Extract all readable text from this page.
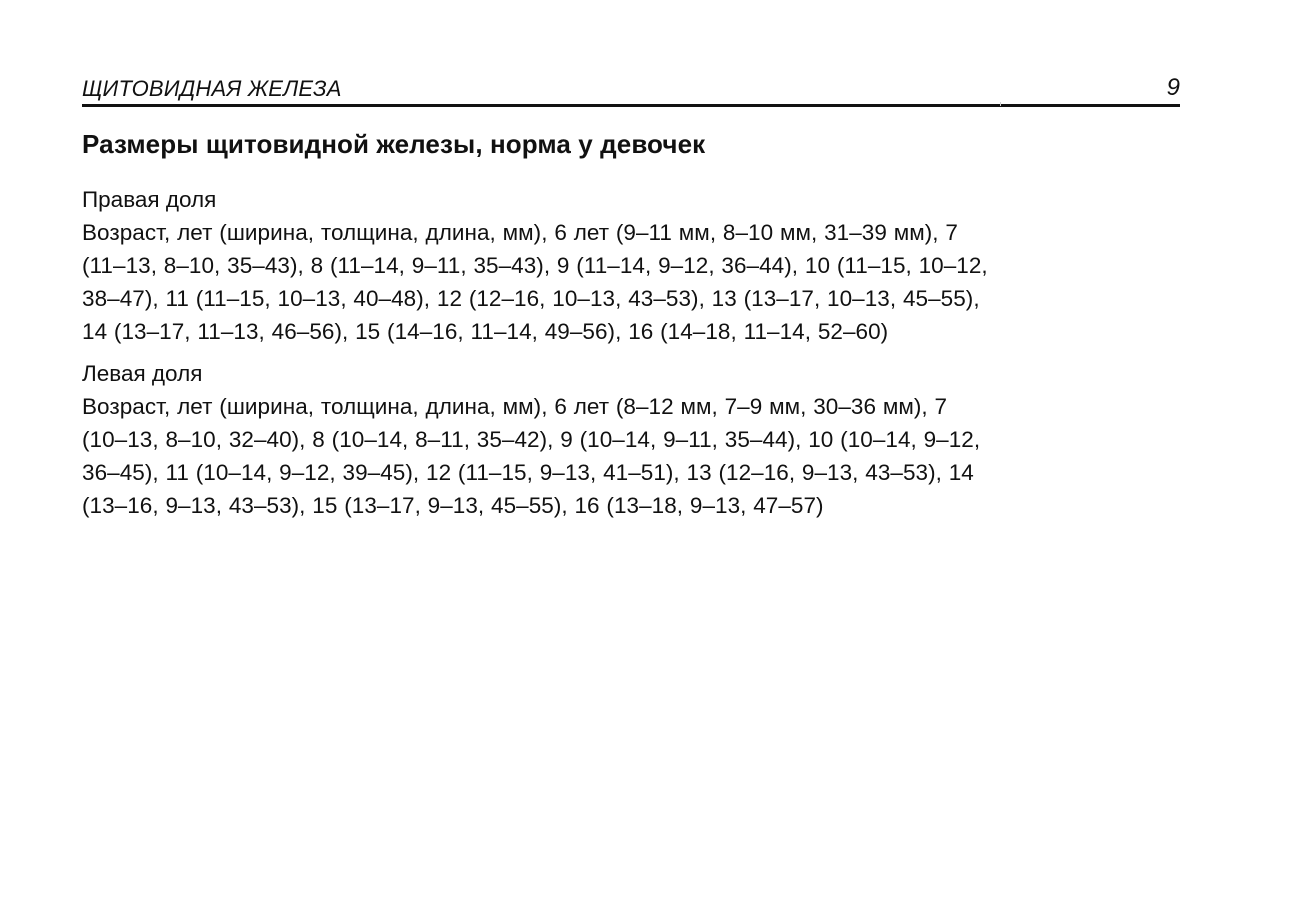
ЩИТОВИДНАЯ ЖЕЛЕЗА	9
Размеры щитовидной железы, норма у девочек
Правая доля

Возраст, лет (ширина, толщина, длина, мм), 6 лет (9–11 мм, 8–10 мм, 31–39 мм), 7
(11–13, 8–10, 35–43), 8 (11–14, 9–11, 35–43), 9 (11–14, 9–12, 36–44), 10 (11–15, 10–12,
38–47), 11 (11–15, 10–13, 40–48), 12 (12–16, 10–13, 43–53), 13 (13–17, 10–13, 45–55),
14 (13–17, 11–13, 46–56), 15 (14–16, 11–14, 49–56), 16 (14–18, 11–14, 52–60)

Левая доля

Возраст, лет (ширина, толщина, длина, мм), 6 лет (8–12 мм, 7–9 мм, 30–36 мм), 7
(10–13, 8–10, 32–40), 8 (10–14, 8–11, 35–42), 9 (10–14, 9–11, 35–44), 10 (10–14, 9–12,
36–45), 11 (10–14, 9–12, 39–45), 12 (11–15, 9–13, 41–51), 13 (12–16, 9–13, 43–53), 14
(13–16, 9–13, 43–53), 15 (13–17, 9–13, 45–55), 16 (13–18, 9–13, 47–57)
